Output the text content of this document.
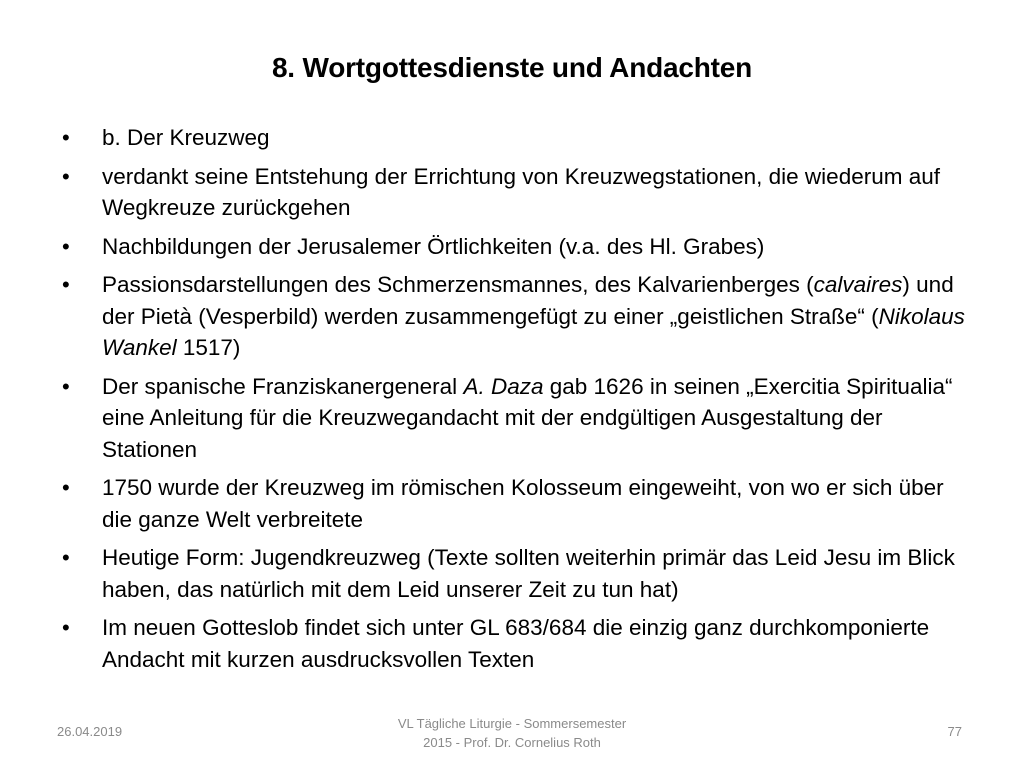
8. Wortgottesdienste und Andachten
• b. Der Kreuzweg
• verdankt seine Entstehung der Errichtung von Kreuzwegstationen, die wiederum auf Wegkreuze zurückgehen
• Nachbildungen der Jerusalemer Örtlichkeiten (v.a. des Hl. Grabes)
• Passionsdarstellungen des Schmerzensmannes, des Kalvarienberges (calvaires) und der Pietà (Vesperbild) werden zusammengefügt zu einer „geistlichen Straße“ (Nikolaus Wankel 1517)
• Der spanische Franziskanergeneral A. Daza gab 1626 in seinen „Exercitia Spiritualia“ eine Anleitung für die Kreuzwegandacht mit der endgültigen Ausgestaltung der Stationen
• 1750 wurde der Kreuzweg im römischen Kolosseum eingeweiht, von wo er sich über die ganze Welt verbreitete
• Heutige Form: Jugendkreuzweg (Texte sollten weiterhin primär das Leid Jesu im Blick haben, das natürlich mit dem Leid unserer Zeit zu tun hat)
• Im neuen Gotteslob findet sich unter GL 683/684 die einzig ganz durchkomponierte Andacht mit kurzen ausdrucksvollen Texten
26.04.2019
VL Tägliche Liturgie - Sommersemester
2015 - Prof. Dr. Cornelius Roth
77
